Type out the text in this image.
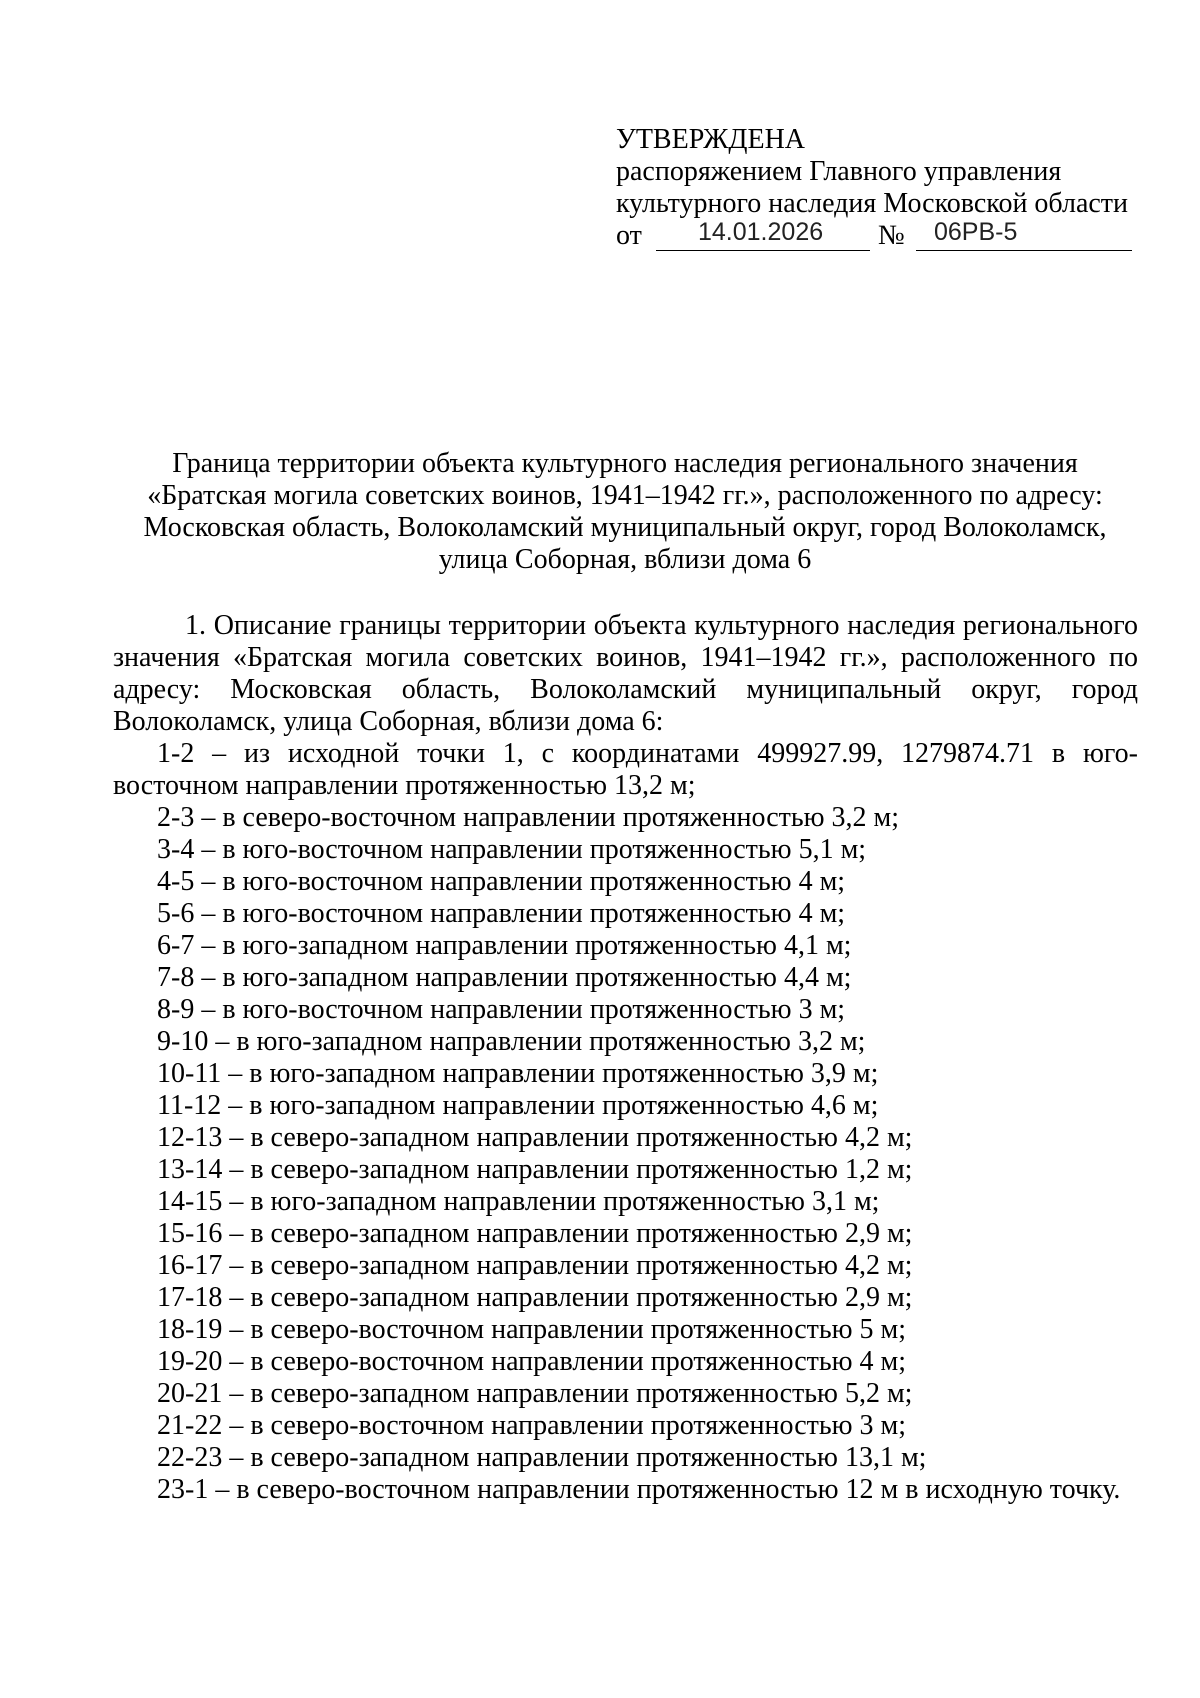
УТВЕРЖДЕНА
распоряжением Главного управления
культурного наследия Московской области
от 14.01.2026 № 06РВ-5
Граница территории объекта культурного наследия регионального значения
«Братская могила советских воинов, 1941–1942 гг.», расположенного по адресу:
Московская область, Волоколамский муниципальный округ, город Волоколамск,
улица Соборная, вблизи дома 6

1. Описание границы территории объекта культурного наследия регионального значения «Братская могила советских воинов, 1941–1942 гг.», расположенного по адресу: Московская область, Волоколамский муниципальный округ, город Волоколамск, улица Соборная, вблизи дома 6:

1-2 – из исходной точки 1, с координатами 499927.99, 1279874.71 в юго-восточном направлении протяженностью 13,2 м;

2-3 – в северо-восточном направлении протяженностью 3,2 м;
3-4 – в юго-восточном направлении протяженностью 5,1 м;
4-5 – в юго-восточном направлении протяженностью 4 м;
5-6 – в юго-восточном направлении протяженностью 4 м;
6-7 – в юго-западном направлении протяженностью 4,1 м;
7-8 – в юго-западном направлении протяженностью 4,4 м;
8-9 – в юго-восточном направлении протяженностью 3 м;
9-10 – в юго-западном направлении протяженностью 3,2 м;
10-11 – в юго-западном направлении протяженностью 3,9 м;
11-12 – в юго-западном направлении протяженностью 4,6 м;
12-13 – в северо-западном направлении протяженностью 4,2 м;
13-14 – в северо-западном направлении протяженностью 1,2 м;
14-15 – в юго-западном направлении протяженностью 3,1 м;
15-16 – в северо-западном направлении протяженностью 2,9 м;
16-17 – в северо-западном направлении протяженностью 4,2 м;
17-18 – в северо-западном направлении протяженностью 2,9 м;
18-19 – в северо-восточном направлении протяженностью 5 м;
19-20 – в северо-восточном направлении протяженностью 4 м;
20-21 – в северо-западном направлении протяженностью 5,2 м;
21-22 – в северо-восточном направлении протяженностью 3 м;
22-23 – в северо-западном направлении протяженностью 13,1 м;
23-1 – в северо-восточном направлении протяженностью 12 м в исходную точку.
